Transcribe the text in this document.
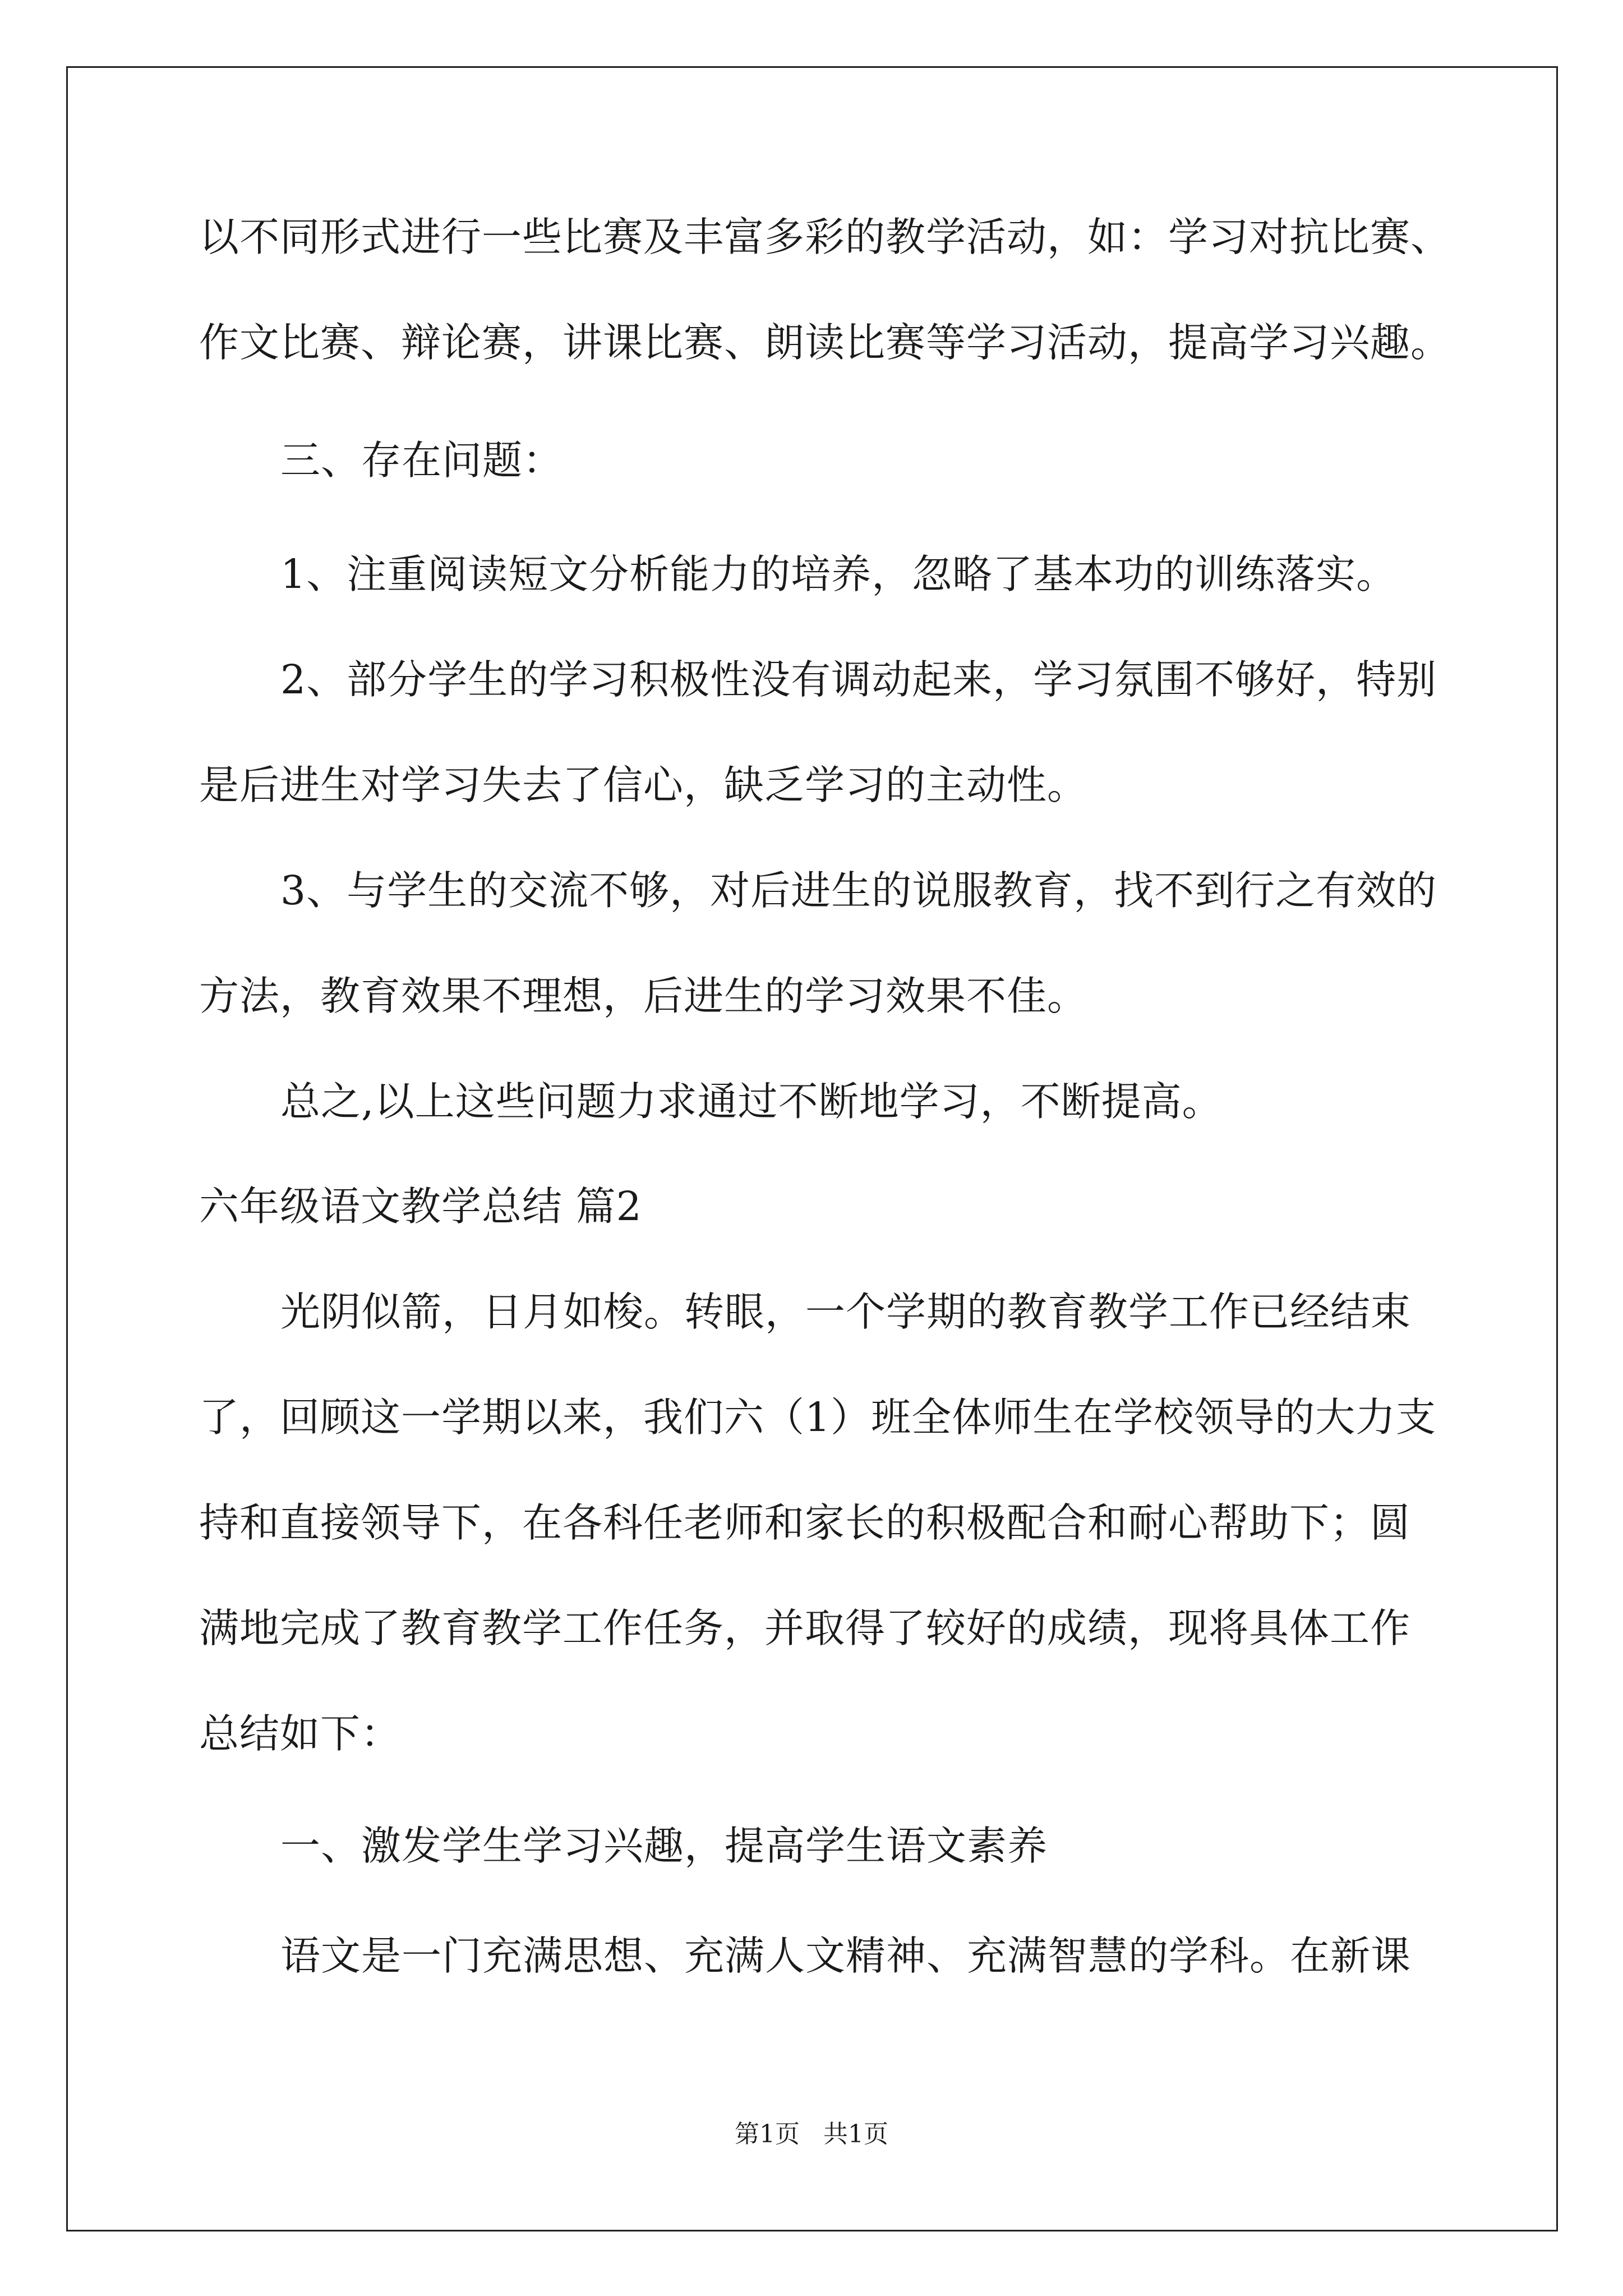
以不同形式进行一些比赛及丰富多彩的教学活动，如：学习对抗比赛、
作文比赛、辩论赛，讲课比赛、朗读比赛等学习活动，提高学习兴趣。
三、存在问题：
1、注重阅读短文分析能力的培养，忽略了基本功的训练落实。
2、部分学生的学习积极性没有调动起来，学习氛围不够好，特别
是后进生对学习失去了信心，缺乏学习的主动性。
3、与学生的交流不够，对后进生的说服教育，找不到行之有效的
方法，教育效果不理想，后进生的学习效果不佳。
总之,以上这些问题力求通过不断地学习，不断提高。
六年级语文教学总结 篇2
光阴似箭，日月如梭。转眼，一个学期的教育教学工作已经结束
了，回顾这一学期以来，我们六（1）班全体师生在学校领导的大力支
持和直接领导下，在各科任老师和家长的积极配合和耐心帮助下；圆
满地完成了教育教学工作任务，并取得了较好的成绩，现将具体工作
总结如下：
一、激发学生学习兴趣，提高学生语文素养
语文是一门充满思想、充满人文精神、充满智慧的学科。在新课
第1页   共1页
